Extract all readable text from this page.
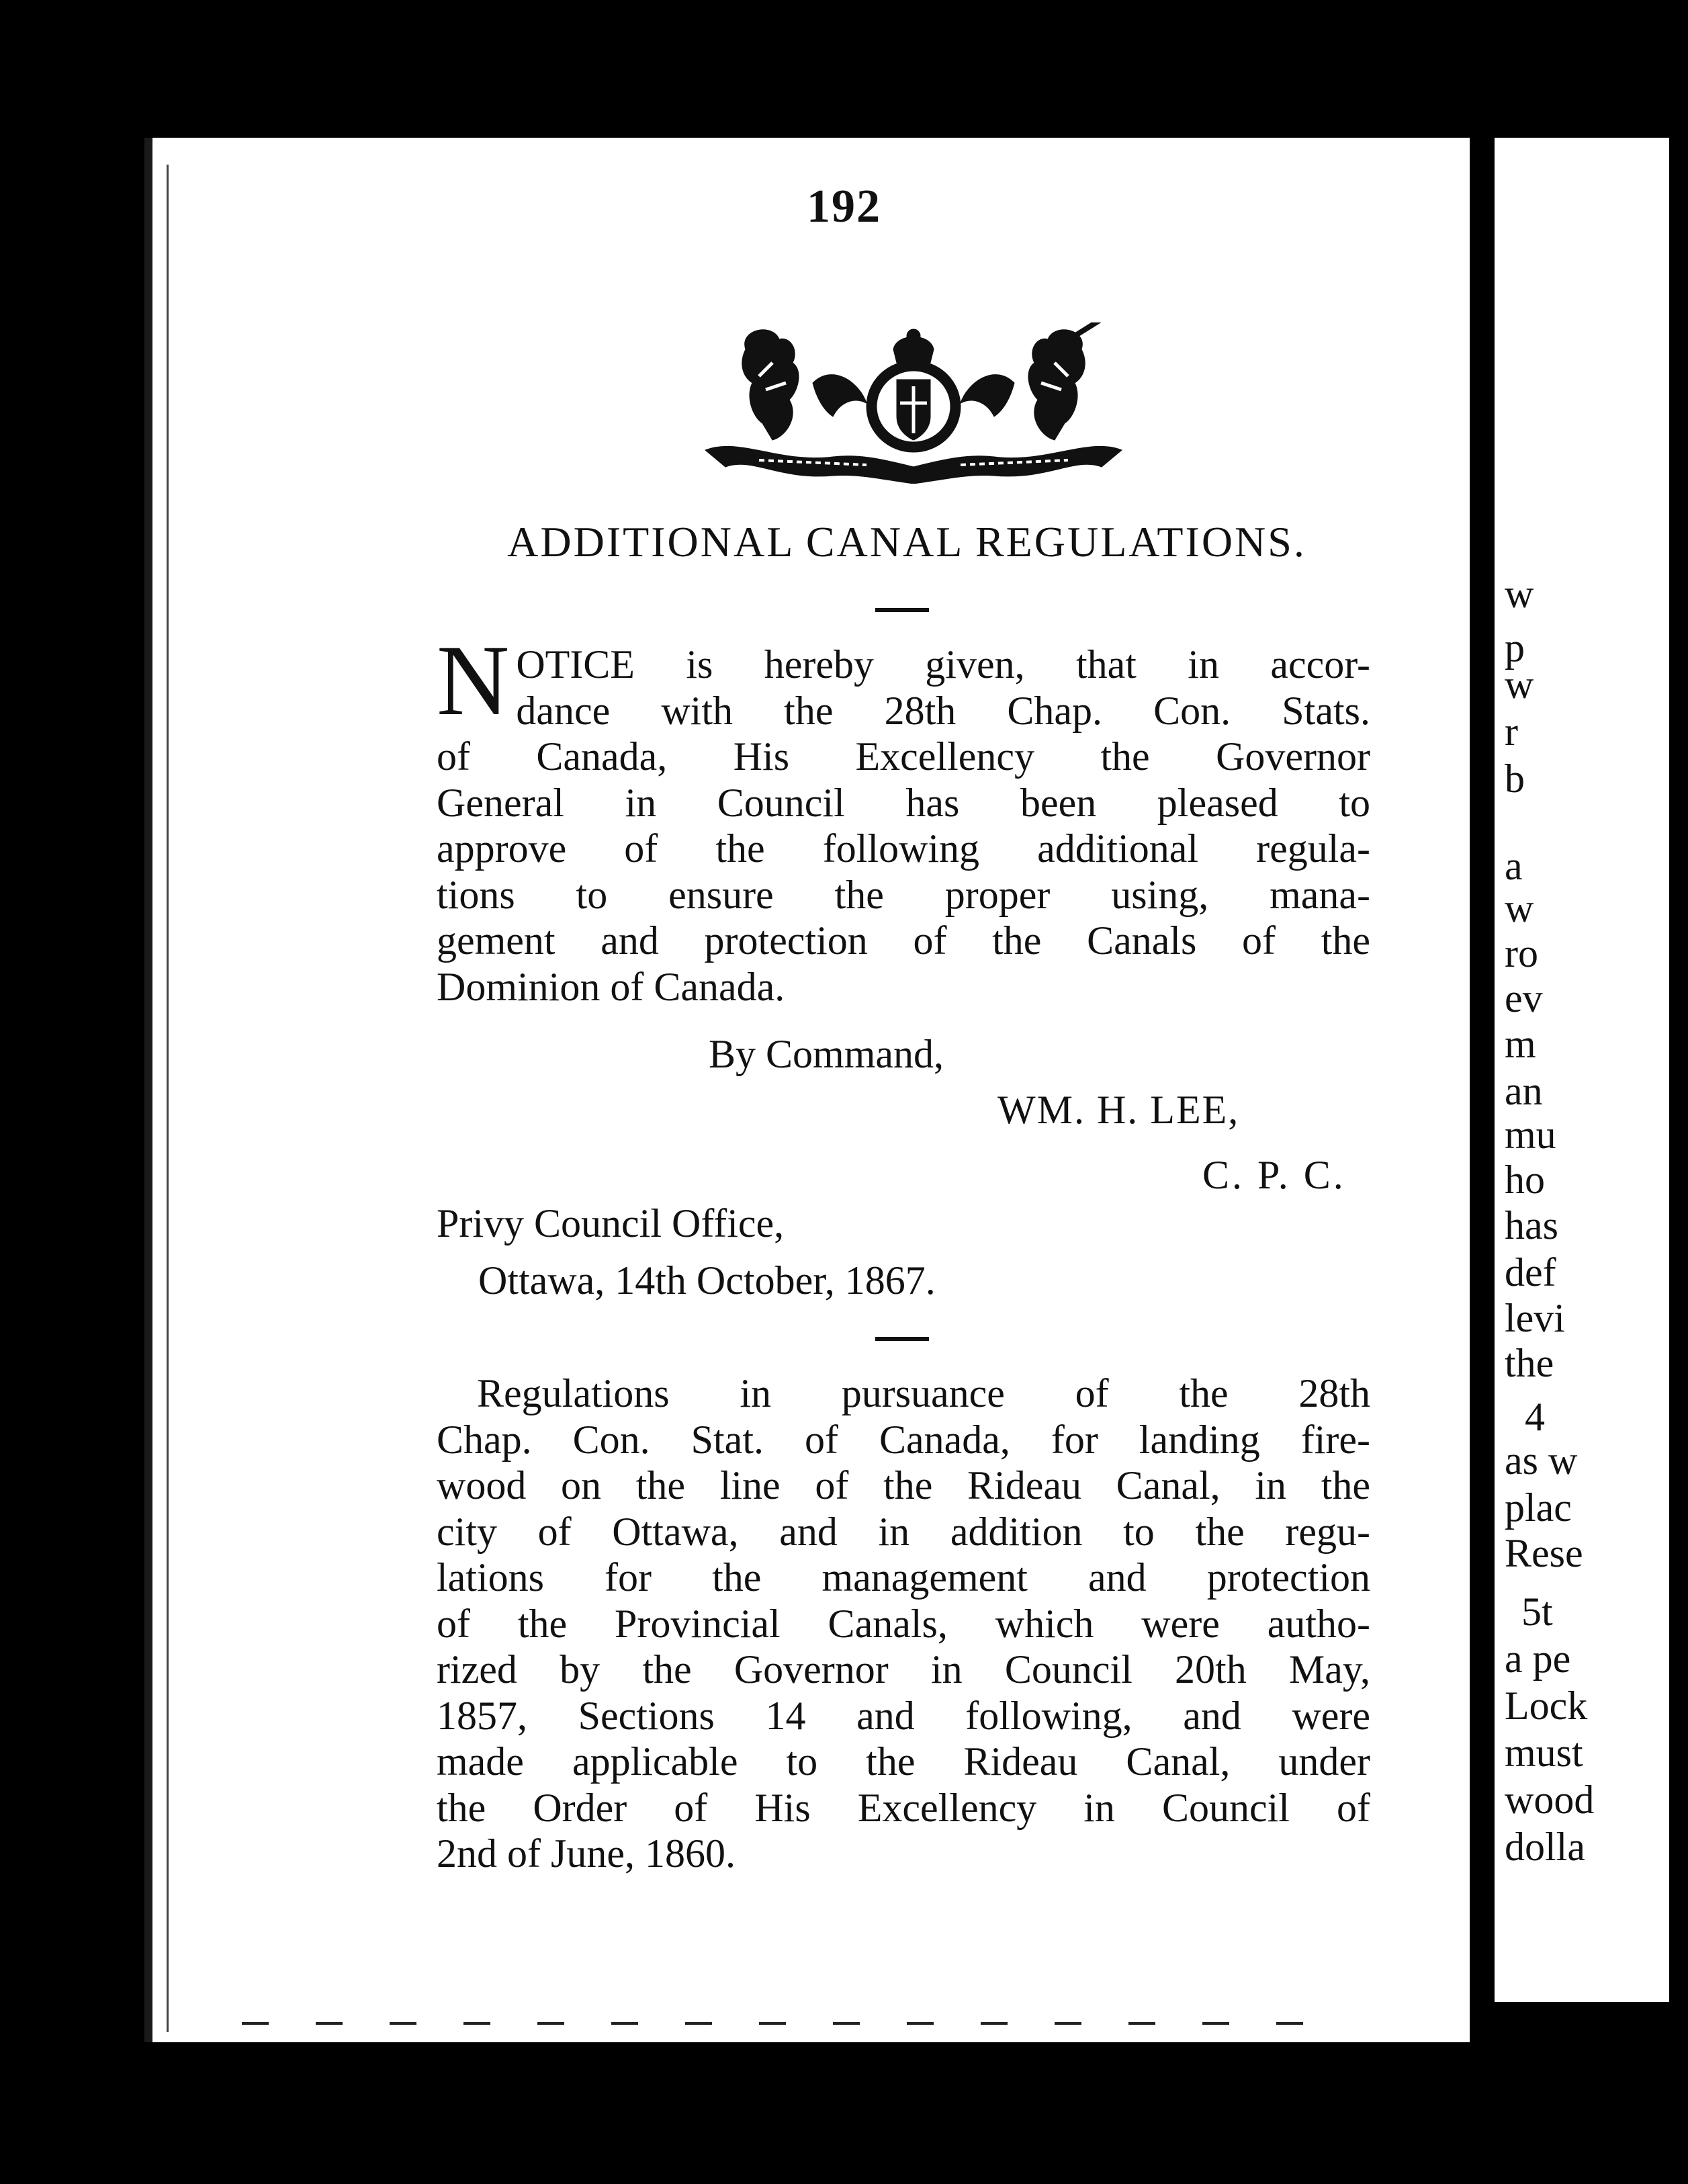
192
ADDITIONAL CANAL REGULATIONS.
N OTICE is hereby given, that in accor-
dance with the 28th Chap. Con. Stats.
of Canada, His Excellency the Governor
General in Council has been pleased to
approve of the following additional regula-
tions to ensure the proper using, mana-
gement and protection of the Canals of the
Dominion of Canada.
By Command,
WM. H. LEE,
C. P. C.
Privy Council Office,
Ottawa, 14th October, 1867.
Regulations in pursuance of the 28th
Chap. Con. Stat. of Canada, for landing fire-
wood on the line of the Rideau Canal, in the
city of Ottawa, and in addition to the regu-
lations for the management and protection
of the Provincial Canals, which were autho-
rized by the Governor in Council 20th May,
1857, Sections 14 and following, and were
made applicable to the Rideau Canal, under
the Order of His Excellency in Council of
2nd of June, 1860.
w
p
w
r
b
a
w
ro
ev
m
an
mu
ho
has
def
levi
the
4
as w
plac
Rese
5t
a pe
Lock
must
wood
dolla
